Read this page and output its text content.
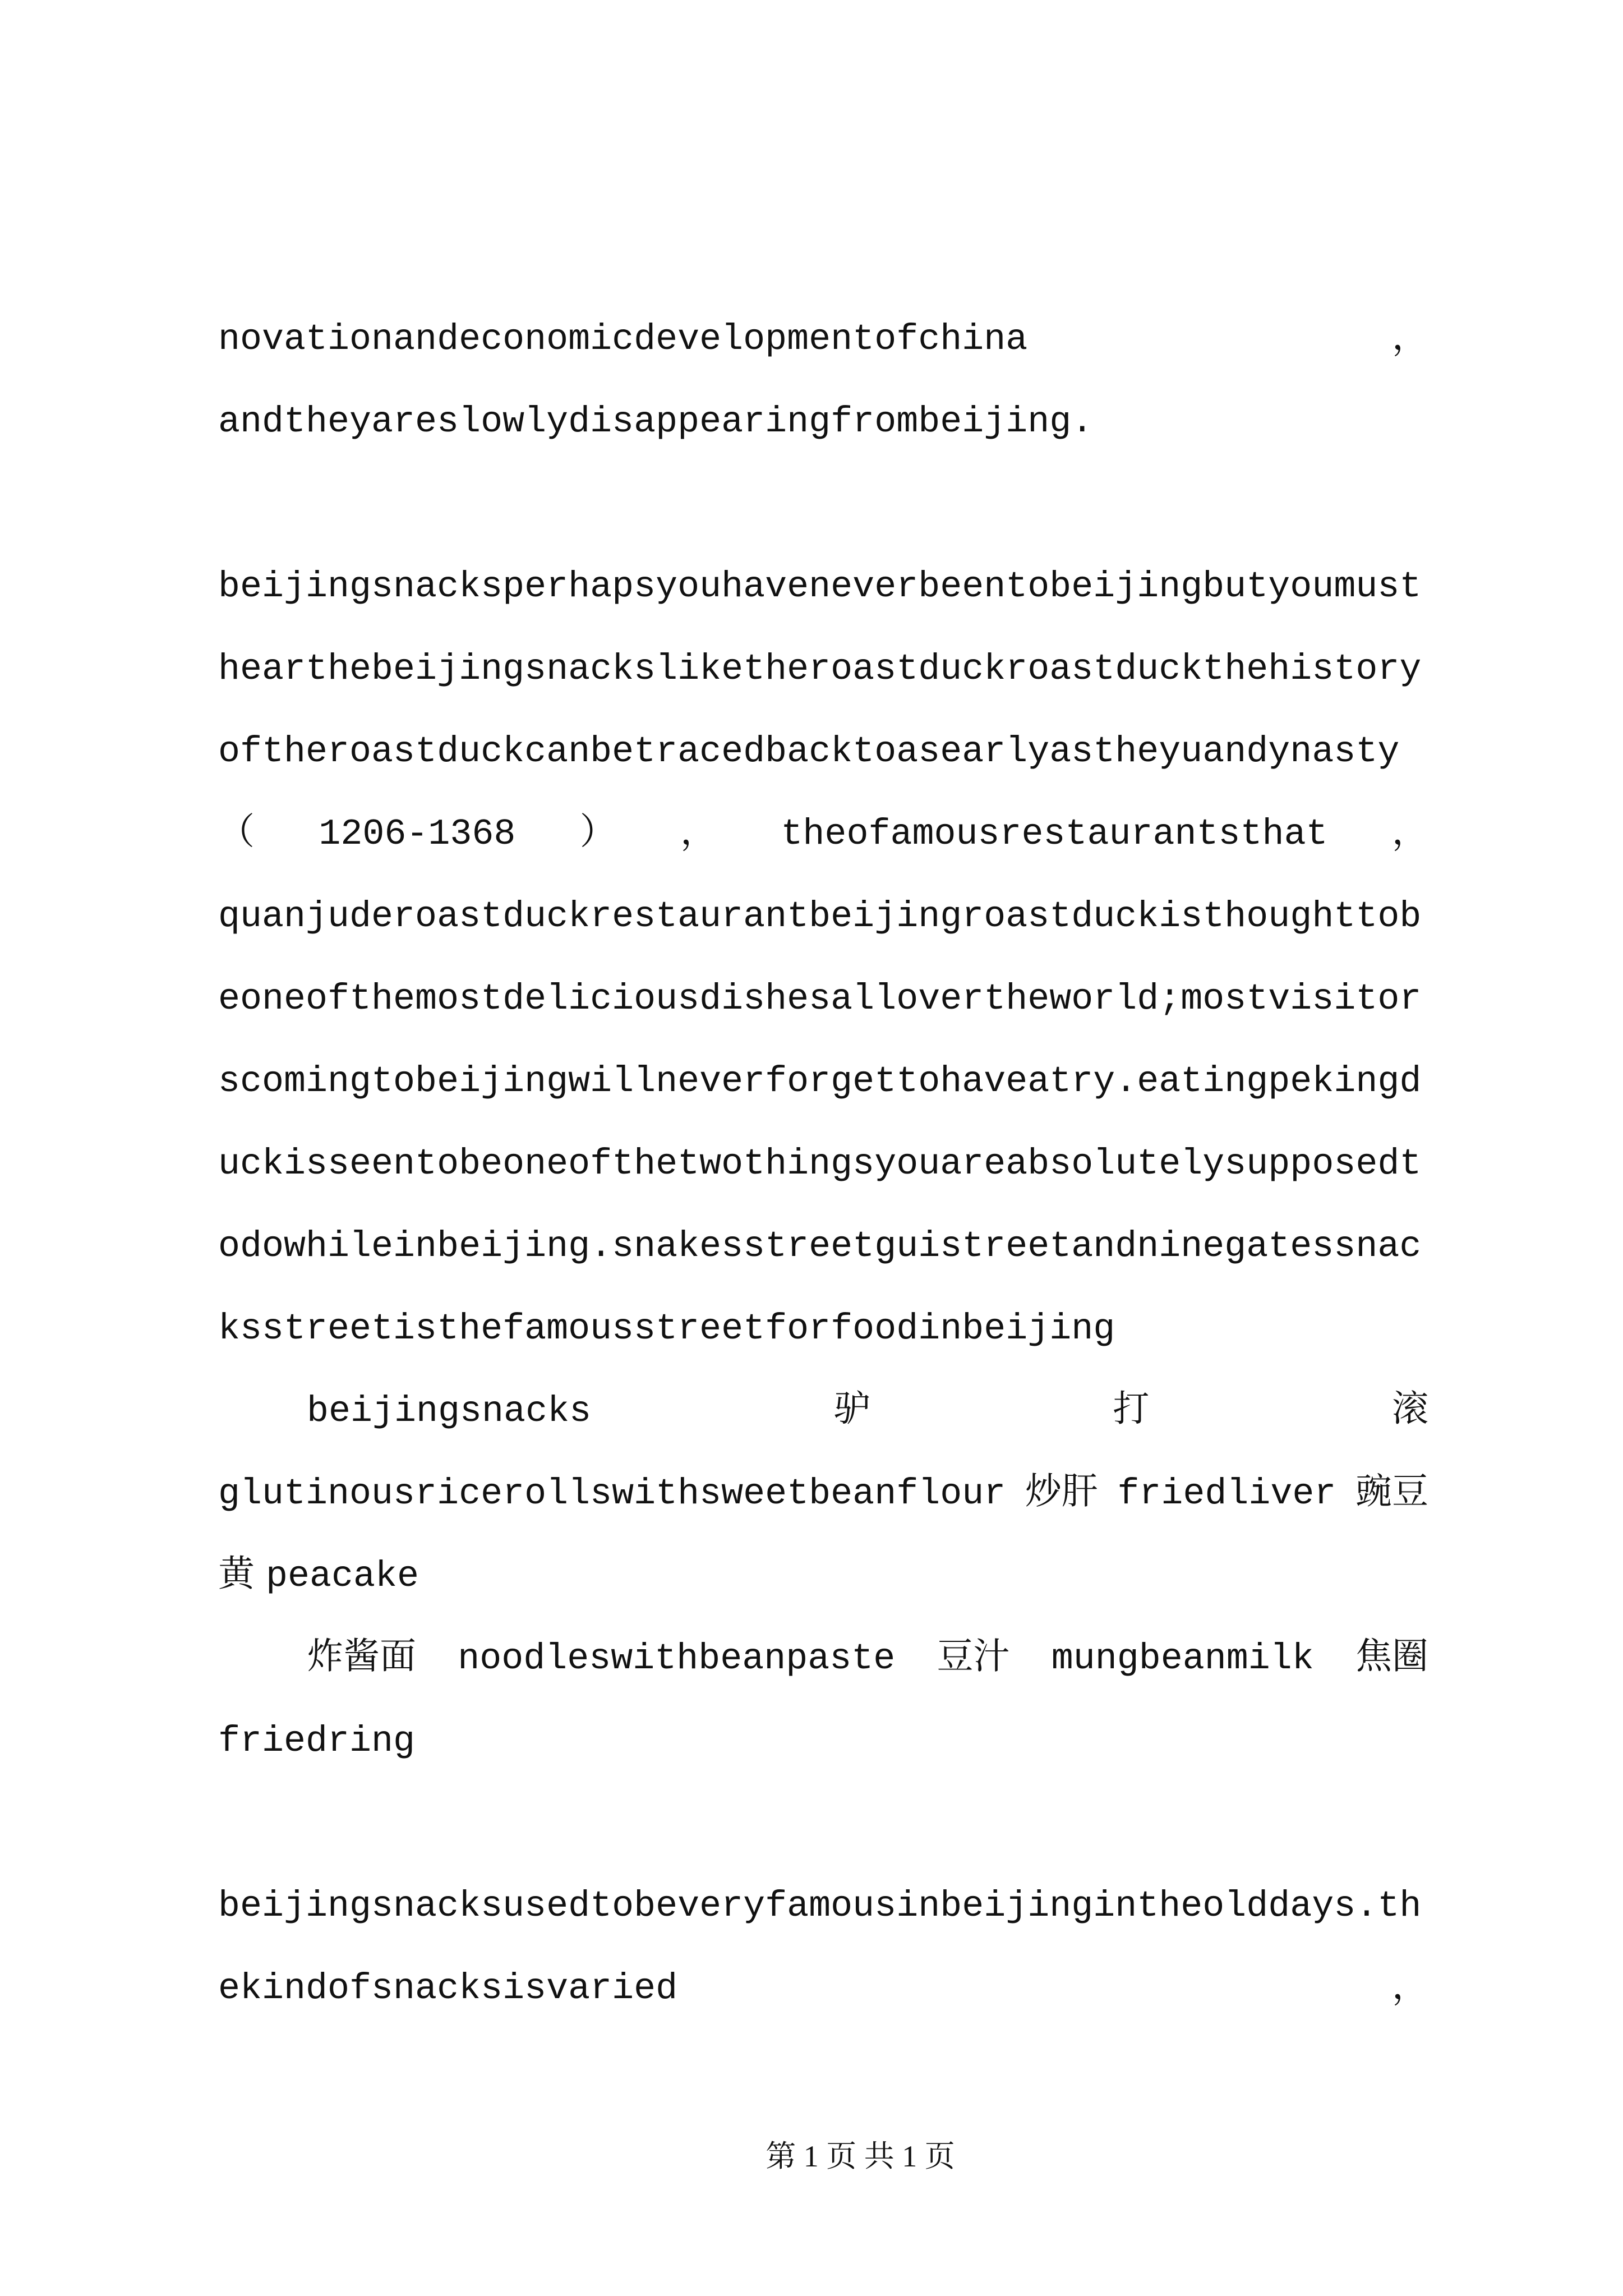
novationandeconomicdevelopmentofchina	，
andtheyareslowlydisappearingfrombeijing.
beijingsnacksperhapsyouhaveneverbeentobeijingbutyoumust
hearthebeijingsnacksliketheroastduckroastduckthehistory
oftheroastduckcanbetracedbacktoasearlyastheyuandynasty
（ 1206-1368 ） ， theofamousrestaurantsthat ，
quanjuderoastduckrestaurantbeijingroastduckisthoughttob
eoneofthemostdeliciousdishesallovertheworld;mostvisitor
scomingtobeijingwillneverforgettohaveatry.eatingpekingd
uckisseentobeoneofthetwothingsyouareabsolutelysupposedt
odowhileinbeijing.snakesstreetguistreetandninegatessnac
ksstreetisthefamousstreetforfoodinbeijing
beijingsnacks	驴	打	滚
glutinousricerollswithsweetbeanflour 炒肝 friedliver 豌豆
黄 peacake
炸酱面 noodleswithbeanpaste 豆汁 mungbeanmilk 焦圈
friedring
beijingsnacksusedtobeveryfamousinbeijingintheolddays.th
ekindofsnacksisvaried	，
第 1 页 共 1 页
